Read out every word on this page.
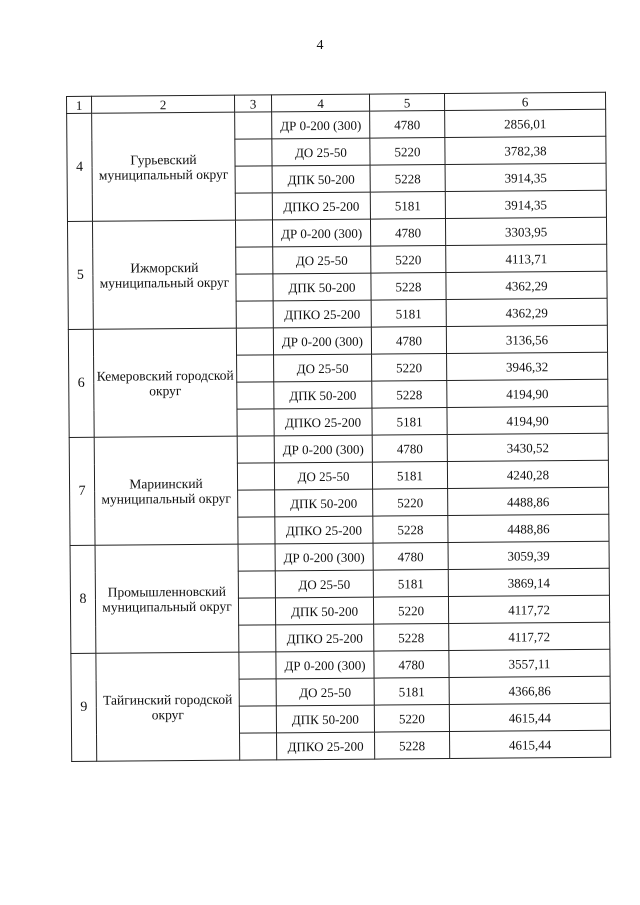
4
1	2	3	4	5	6
4	Гурьевский муниципальный округ		ДР 0-200 (300)	4780	2856,01
			ДО 25-50	5220	3782,38
			ДПК 50-200	5228	3914,35
			ДПКО 25-200	5181	3914,35
5	Ижморский муниципальный округ		ДР 0-200 (300)	4780	3303,95
			ДО 25-50	5220	4113,71
			ДПК 50-200	5228	4362,29
			ДПКО 25-200	5181	4362,29
6	Кемеровский городской округ		ДР 0-200 (300)	4780	3136,56
			ДО 25-50	5220	3946,32
			ДПК 50-200	5228	4194,90
			ДПКО 25-200	5181	4194,90
7	Мариинский муниципальный округ		ДР 0-200 (300)	4780	3430,52
			ДО 25-50	5181	4240,28
			ДПК 50-200	5220	4488,86
			ДПКО 25-200	5228	4488,86
8	Промышленновский муниципальный округ		ДР 0-200 (300)	4780	3059,39
			ДО 25-50	5181	3869,14
			ДПК 50-200	5220	4117,72
			ДПКО 25-200	5228	4117,72
9	Тайгинский городской округ		ДР 0-200 (300)	4780	3557,11
			ДО 25-50	5181	4366,86
			ДПК 50-200	5220	4615,44
			ДПКО 25-200	5228	4615,44
